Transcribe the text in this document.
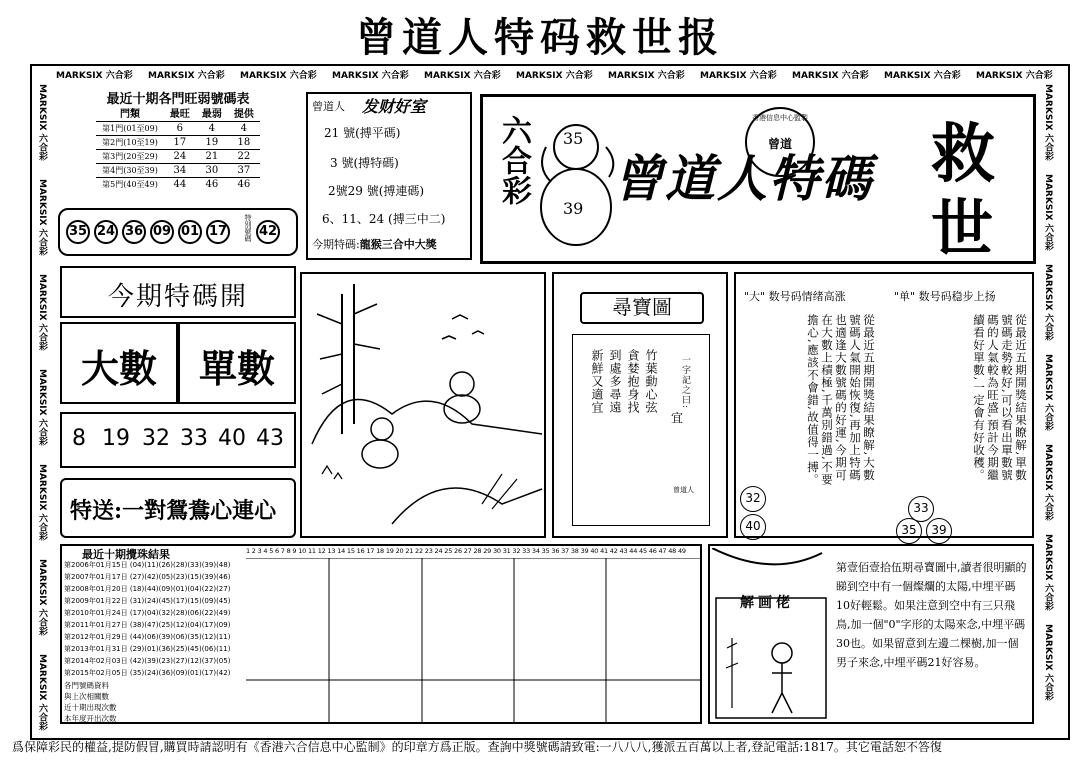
曾道人特码救世报
MARKSIX 六合彩 MARKSIX 六合彩 MARKSIX 六合彩 MARKSIX 六合彩 MARKSIX 六合彩 MARKSIX 六合彩 MARKSIX 六合彩 MARKSIX 六合彩 MARKSIX 六合彩 MARKSIX 六合彩 MARKSIX 六合彩
MARKSIX 六合彩
MARKSIX 六合彩
MARKSIX 六合彩
MARKSIX 六合彩
MARKSIX 六合彩
MARKSIX 六合彩
MARKSIX 六合彩
MARKSIX 六合彩
MARKSIX 六合彩
MARKSIX 六合彩
MARKSIX 六合彩
MARKSIX 六合彩
MARKSIX 六合彩
MARKSIX 六合彩
最近十期各門旺弱號碼表
門類	最旺	最弱	提供
第1門(01至09)	6	4	4
第2門(10至19)	17	19	18
第3門(20至29)	24	21	22
第4門(30至39)	34	30	37
第5門(40至49)	44	46	46
35 24 36 09 01 17	特別號碼 42
曾道人 发财好室
21 號(搏平碼)
3 號(搏特碼)
2號29 號(搏連碼)
6、11、24 (搏三中二)
今期特碼:龍猴三合中大獎
六合彩 35
39
香港信息中心監製
曾道
曾道人特碼 救
世
今期特碼開
大數	單數
8 19 32 33 40 43
特送:一對鴛鴦心連心
尋寶圖
竹葉動心弦
貪婪抱身找
到處多尋遠
新鮮又適宜	一字記之曰:
宜
曾道人
"大" 数号码情绪高涨	"单" 数号码稳步上扬
從最近五期開獎結果瞭解,大數號碼人氣開始恢復,再加上特碼也適逢大數號碼的好運,今期可在大數上積極,千萬別錯過,不要擔心,應該不會錯,故值得一搏。	從最近五期開獎結果瞭解,單數號碼走勢較好,可以看出單數號碼的人氣較為旺盛,預計今期繼續看好單數,一定會有好收穫。
32
40
33
35	39
最近十期攪珠結果	1 2 3 4 5 6 7 8 9 10 11 12 13 14 15 16 17 18 19 20 21 22 23 24 25 26 27 28 29 30 31 32 33 34 35 36 37 38 39 40 41 42 43 44 45 46 47 48 49
第2006年01月15日 (04)(11)(26)(28)(33)(39)(48)
第2007年01月17日 (27)(42)(05)(23)(15)(39)(46)
第2008年01月20日 (18)(44)(09)(01)(04)(22)(27)
第2009年01月22日 (31)(24)(45)(17)(15)(09)(45)
第2010年01月24日 (17)(04)(32)(28)(06)(22)(49)
第2011年01月27日 (38)(47)(25)(12)(04)(17)(09)
第2012年01月29日 (44)(06)(39)(06)(35)(12)(11)
第2013年01月31日 (29)(01)(36)(25)(45)(06)(11)
第2014年02月03日 (42)(39)(23)(27)(12)(37)(05)
第2015年02月05日 (35)(24)(36)(09)(01)(17)(42)
各門號碼資料
與上次相關數
近十期出現次數
本年度开出次数
解画佬
第壹佰壹拾伍期尋寶圖中,讀者很明顯的睇到空中有一個燦爛的太陽,中埋平碼10好輕鬆。如果注意到空中有三只飛鳥,加一個"0"字形的太陽來念,中埋平碼30也。如果留意到左邊二棵樹,加一個男子來念,中埋平碼21好容易。
爲保障彩民的權益,提防假冒,購買時請認明有《香港六合信息中心監制》的印章方爲正版。查詢中獎號碼請致電:一八八八,獲派五百萬以上者,登記電話:1817。其它電話恕不答復
